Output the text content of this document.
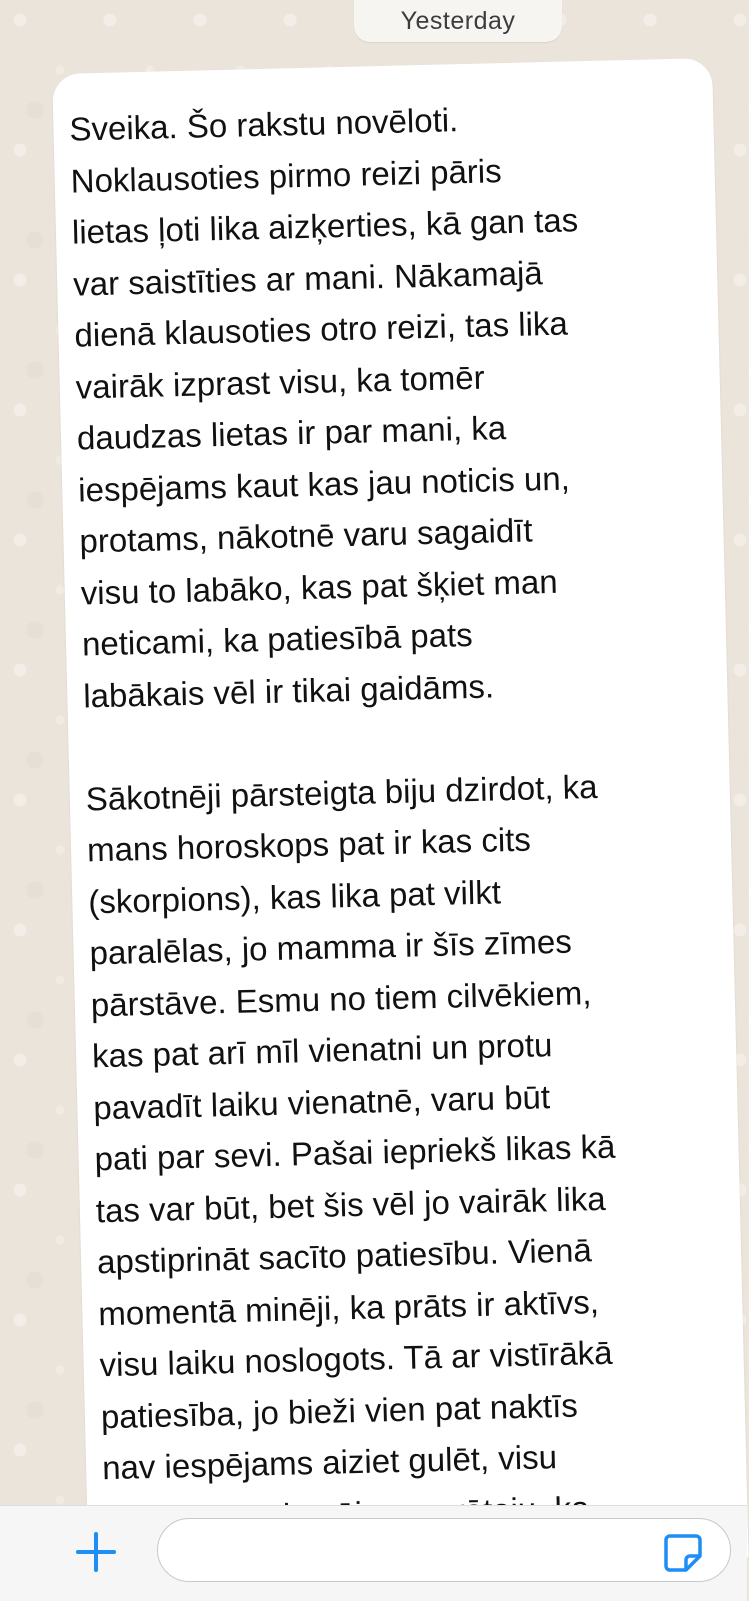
Yesterday

Sveika. Šo rakstu novēloti.
Noklausoties pirmo reizi pāris
lietas ļoti lika aizķerties, kā gan tas
var saistīties ar mani. Nākamajā
dienā klausoties otro reizi, tas lika
vairāk izprast visu, ka tomēr
daudzas lietas ir par mani, ka
iespējams kaut kas jau noticis un,
protams, nākotnē varu sagaidīt
visu to labāko, kas pat šķiet man
neticami, ka patiesībā pats
labākais vēl ir tikai gaidāms.
Sākotnēji pārsteigta biju dzirdot, ka
mans horoskops pat ir kas cits
(skorpions), kas lika pat vilkt
paralēlas, jo mamma ir šīs zīmes
pārstāve. Esmu no tiem cilvēkiem,
kas pat arī mīl vienatni un protu
pavadīt laiku vienatnē, varu būt
pati par sevi. Pašai iepriekš likas kā
tas var būt, bet šis vēl jo vairāk lika
apstiprināt sacīto patiesību. Vienā
momentā minēji, ka prāts ir aktīvs,
visu laiku noslogots. Tā ar vistīrākā
patiesība, jo bieži vien pat naktīs
nav iespējams aiziet gulēt, visu
